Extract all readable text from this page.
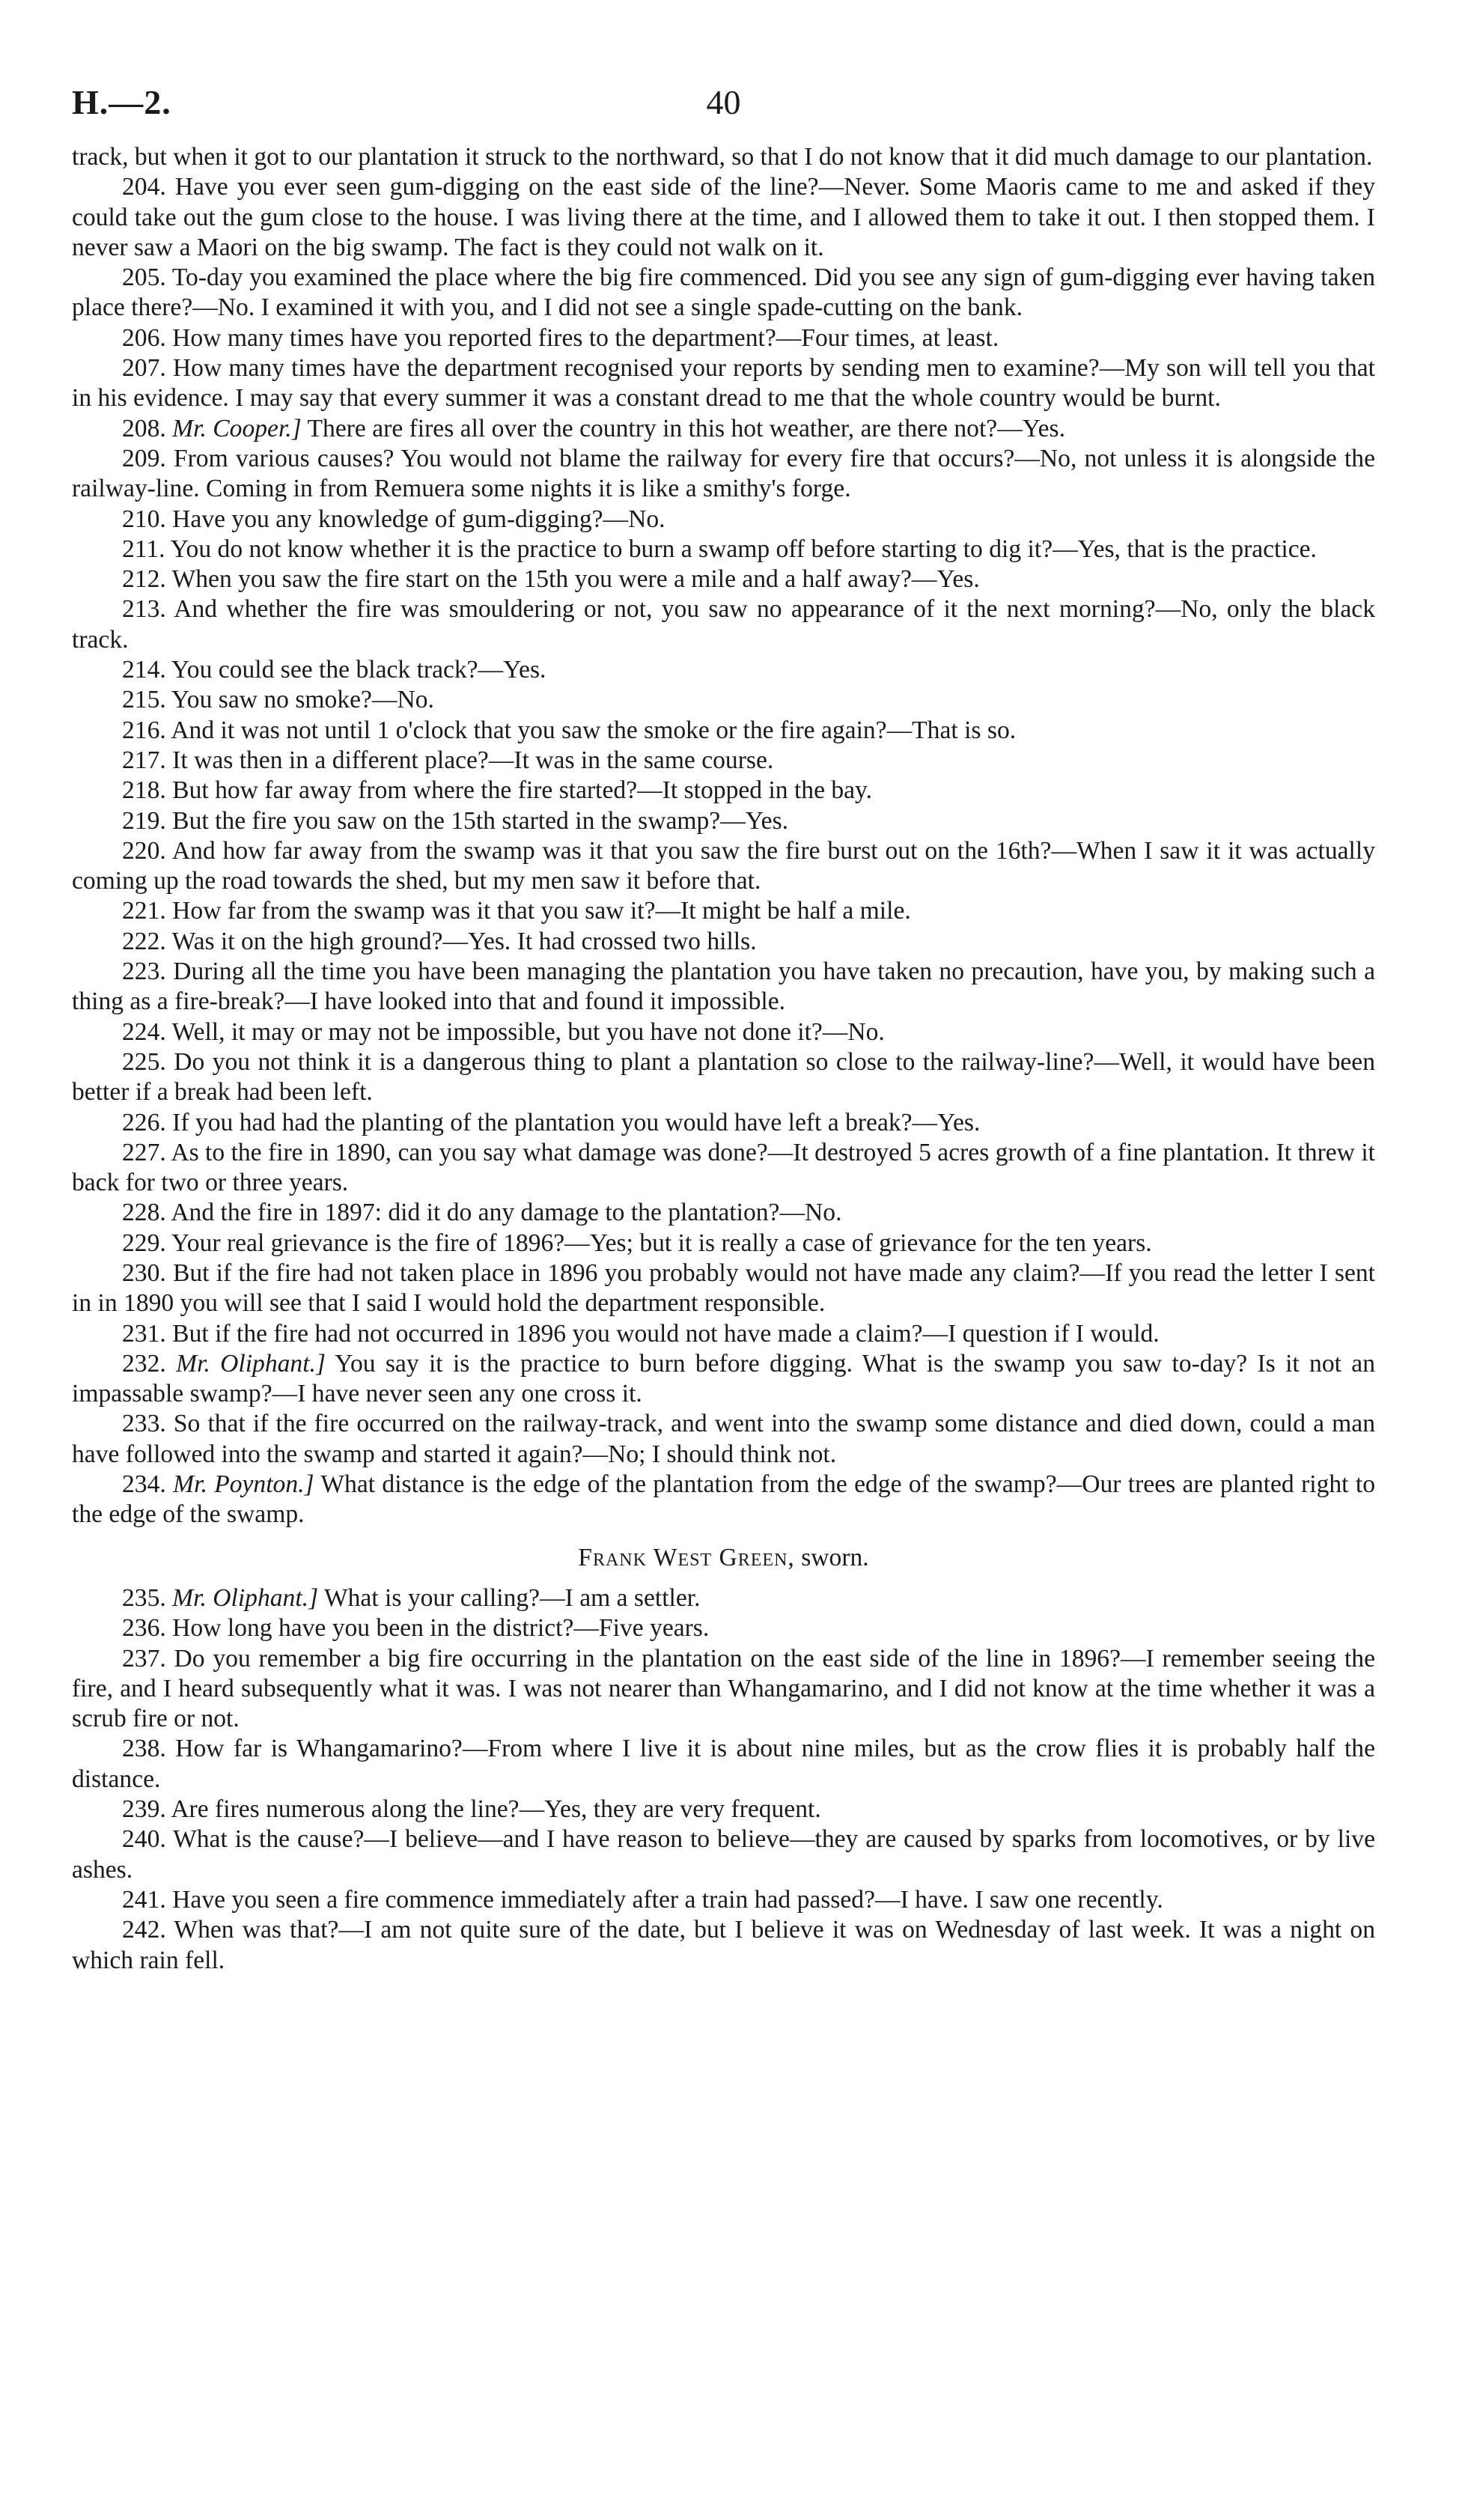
H.—2.	40

track, but when it got to our plantation it struck to the northward, so that I do not know that it did much damage to our plantation.

204. Have you ever seen gum-digging on the east side of the line?—Never. Some Maoris came to me and asked if they could take out the gum close to the house. I was living there at the time, and I allowed them to take it out. I then stopped them. I never saw a Maori on the big swamp. The fact is they could not walk on it.

205. To-day you examined the place where the big fire commenced. Did you see any sign of gum-digging ever having taken place there?—No. I examined it with you, and I did not see a single spade-cutting on the bank.

206. How many times have you reported fires to the department?—Four times, at least.

207. How many times have the department recognised your reports by sending men to examine?—My son will tell you that in his evidence. I may say that every summer it was a constant dread to me that the whole country would be burnt.

208. Mr. Cooper.] There are fires all over the country in this hot weather, are there not?—Yes.

209. From various causes? You would not blame the railway for every fire that occurs?—No, not unless it is alongside the railway-line. Coming in from Remuera some nights it is like a smithy's forge.

210. Have you any knowledge of gum-digging?—No.

211. You do not know whether it is the practice to burn a swamp off before starting to dig it?—Yes, that is the practice.

212. When you saw the fire start on the 15th you were a mile and a half away?—Yes.

213. And whether the fire was smouldering or not, you saw no appearance of it the next morning?—No, only the black track.

214. You could see the black track?—Yes.

215. You saw no smoke?—No.

216. And it was not until 1 o'clock that you saw the smoke or the fire again?—That is so.

217. It was then in a different place?—It was in the same course.

218. But how far away from where the fire started?—It stopped in the bay.

219. But the fire you saw on the 15th started in the swamp?—Yes.

220. And how far away from the swamp was it that you saw the fire burst out on the 16th?—When I saw it it was actually coming up the road towards the shed, but my men saw it before that.

221. How far from the swamp was it that you saw it?—It might be half a mile.

222. Was it on the high ground?—Yes. It had crossed two hills.

223. During all the time you have been managing the plantation you have taken no precaution, have you, by making such a thing as a fire-break?—I have looked into that and found it impossible.

224. Well, it may or may not be impossible, but you have not done it?—No.

225. Do you not think it is a dangerous thing to plant a plantation so close to the railway-line?—Well, it would have been better if a break had been left.

226. If you had had the planting of the plantation you would have left a break?—Yes.

227. As to the fire in 1890, can you say what damage was done?—It destroyed 5 acres growth of a fine plantation. It threw it back for two or three years.

228. And the fire in 1897: did it do any damage to the plantation?—No.

229. Your real grievance is the fire of 1896?—Yes; but it is really a case of grievance for the ten years.

230. But if the fire had not taken place in 1896 you probably would not have made any claim?—If you read the letter I sent in in 1890 you will see that I said I would hold the department responsible.

231. But if the fire had not occurred in 1896 you would not have made a claim?—I question if I would.

232. Mr. Oliphant.] You say it is the practice to burn before digging. What is the swamp you saw to-day? Is it not an impassable swamp?—I have never seen any one cross it.

233. So that if the fire occurred on the railway-track, and went into the swamp some distance and died down, could a man have followed into the swamp and started it again?—No; I should think not.

234. Mr. Poynton.] What distance is the edge of the plantation from the edge of the swamp?—Our trees are planted right to the edge of the swamp.

Frank West Green, sworn.

235. Mr. Oliphant.] What is your calling?—I am a settler.

236. How long have you been in the district?—Five years.

237. Do you remember a big fire occurring in the plantation on the east side of the line in 1896?—I remember seeing the fire, and I heard subsequently what it was. I was not nearer than Whangamarino, and I did not know at the time whether it was a scrub fire or not.

238. How far is Whangamarino?—From where I live it is about nine miles, but as the crow flies it is probably half the distance.

239. Are fires numerous along the line?—Yes, they are very frequent.

240. What is the cause?—I believe—and I have reason to believe—they are caused by sparks from locomotives, or by live ashes.

241. Have you seen a fire commence immediately after a train had passed?—I have. I saw one recently.

242. When was that?—I am not quite sure of the date, but I believe it was on Wednesday of last week. It was a night on which rain fell.
